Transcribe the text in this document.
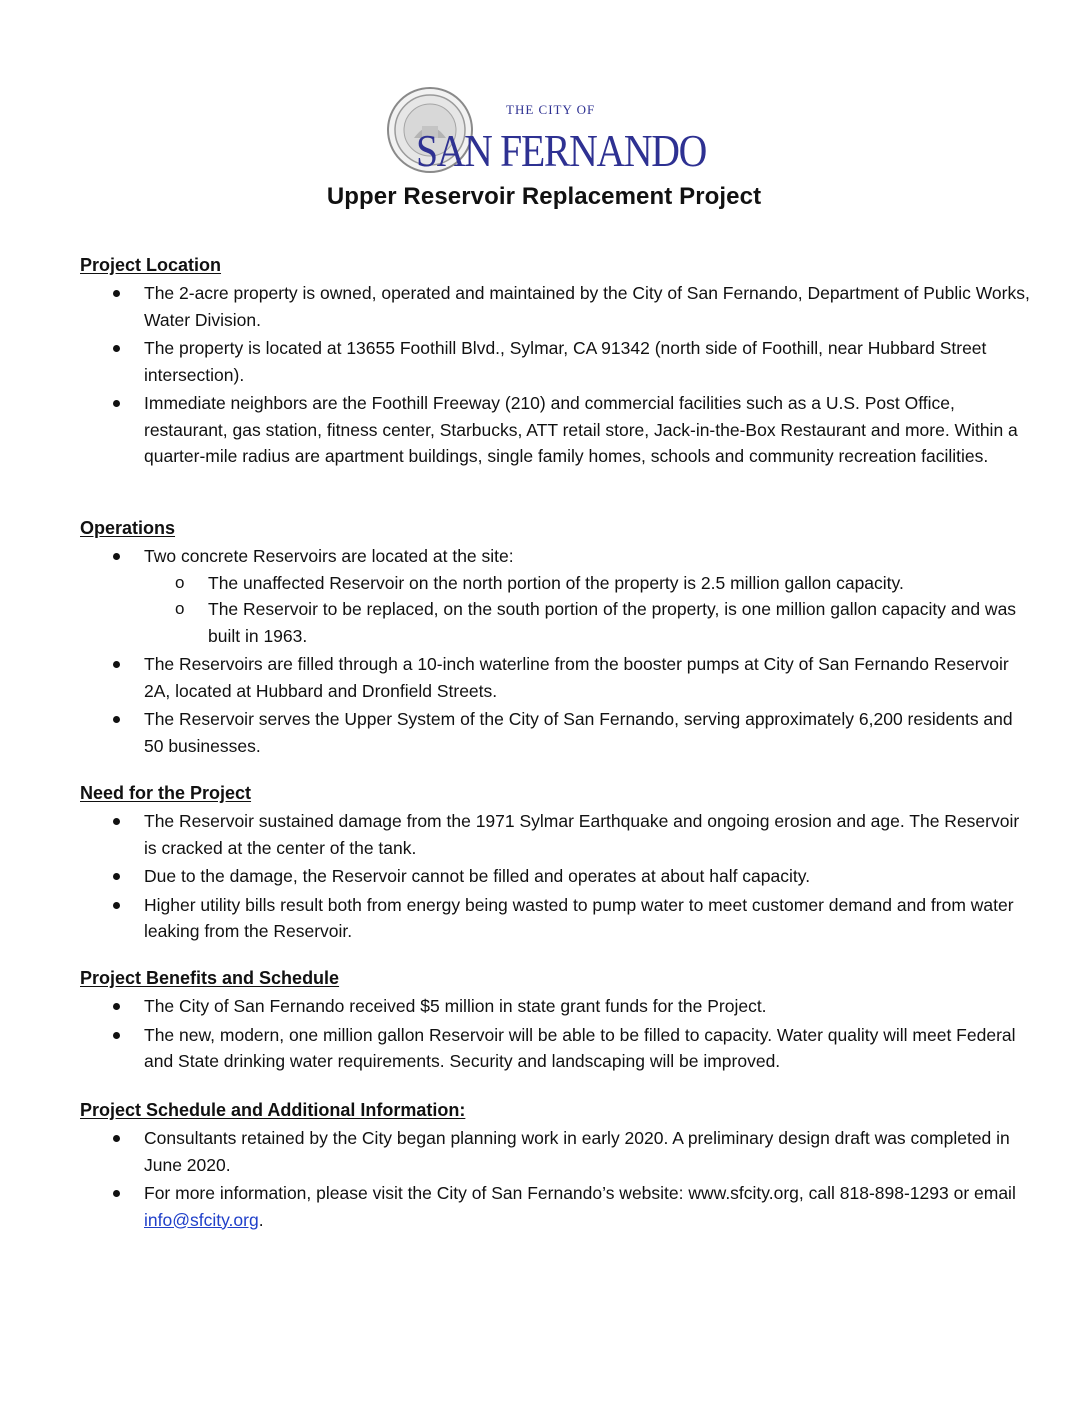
THE CITY OF
SAN FERNANDO
Upper Reservoir Replacement Project
Project Location
The 2-acre property is owned, operated and maintained by the City of San Fernando, Department of Public Works, Water Division.
The property is located at 13655 Foothill Blvd., Sylmar, CA 91342 (north side of Foothill, near Hubbard Street intersection).
Immediate neighbors are the Foothill Freeway (210) and commercial facilities such as a U.S. Post Office, restaurant, gas station, fitness center, Starbucks, ATT retail store, Jack-in-the-Box Restaurant and more. Within a quarter-mile radius are apartment buildings, single family homes, schools and community recreation facilities.
Operations
Two concrete Reservoirs are located at the site:
o The unaffected Reservoir on the north portion of the property is 2.5 million gallon capacity.
o The Reservoir to be replaced, on the south portion of the property, is one million gallon capacity and was built in 1963.
The Reservoirs are filled through a 10-inch waterline from the booster pumps at City of San Fernando Reservoir 2A, located at Hubbard and Dronfield Streets.
The Reservoir serves the Upper System of the City of San Fernando, serving approximately 6,200 residents and 50 businesses.
Need for the Project
The Reservoir sustained damage from the 1971 Sylmar Earthquake and ongoing erosion and age. The Reservoir is cracked at the center of the tank.
Due to the damage, the Reservoir cannot be filled and operates at about half capacity.
Higher utility bills result both from energy being wasted to pump water to meet customer demand and from water leaking from the Reservoir.
Project Benefits and Schedule
The City of San Fernando received $5 million in state grant funds for the Project.
The new, modern, one million gallon Reservoir will be able to be filled to capacity. Water quality will meet Federal and State drinking water requirements. Security and landscaping will be improved.
Project Schedule and Additional Information:
Consultants retained by the City began planning work in early 2020. A preliminary design draft was completed in June 2020.
For more information, please visit the City of San Fernando’s website: www.sfcity.org, call 818-898-1293 or email info@sfcity.org.
